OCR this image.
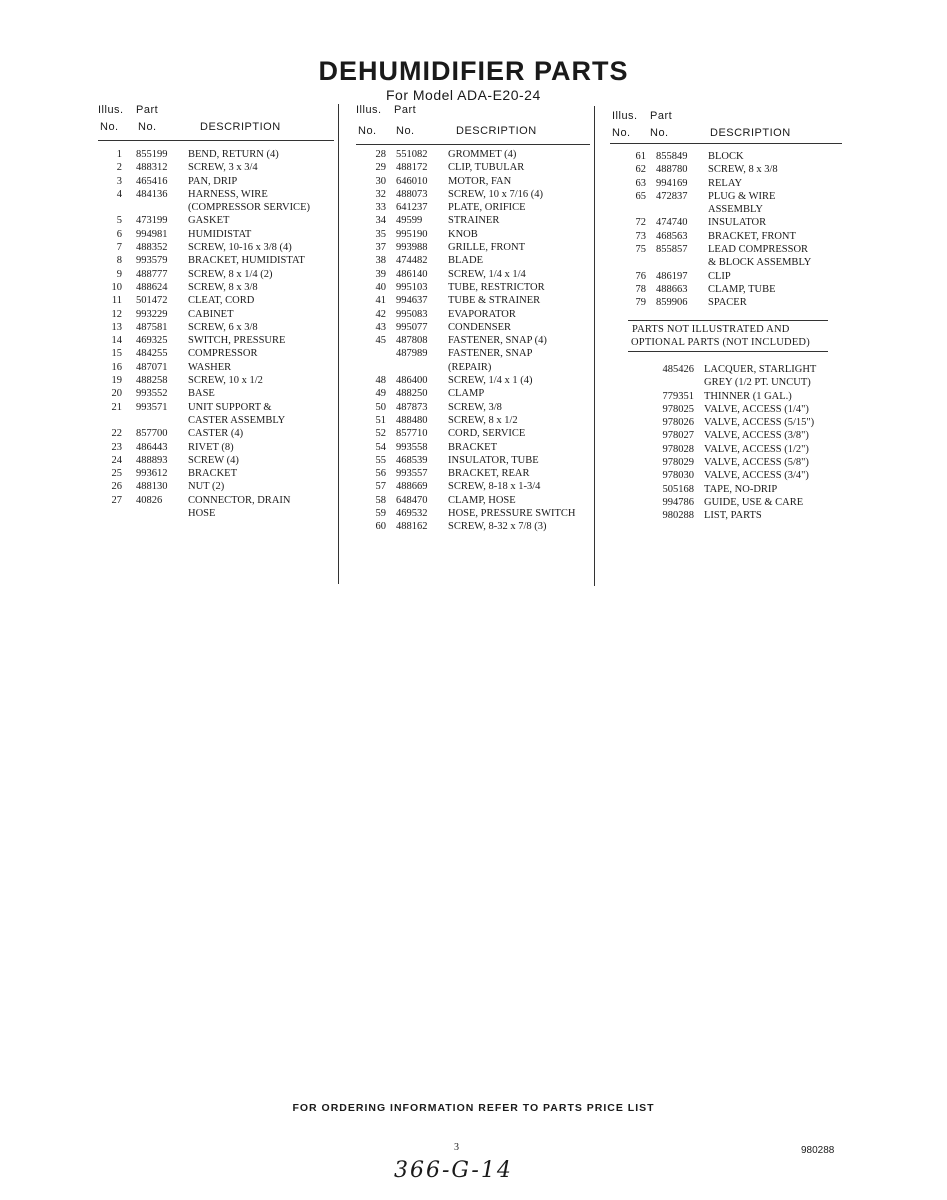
DEHUMIDIFIER PARTS
For Model ADA-E20-24
Illus. Part
No. No.	DESCRIPTION
1 855199 BEND, RETURN (4)
2 488312 SCREW, 3 x 3/4
3 465416 PAN, DRIP
4 484136 HARNESS, WIRE
(COMPRESSOR SERVICE)
5 473199 GASKET
6 994981 HUMIDISTAT
7 488352 SCREW, 10-16 x 3/8 (4)
8 993579 BRACKET, HUMIDISTAT
9 488777 SCREW, 8 x 1/4 (2)
10 488624 SCREW, 8 x 3/8
11 501472 CLEAT, CORD
12 993229 CABINET
13 487581 SCREW, 6 x 3/8
14 469325 SWITCH, PRESSURE
15 484255 COMPRESSOR
16 487071 WASHER
19 488258 SCREW, 10 x 1/2
20 993552 BASE
21 993571 UNIT SUPPORT &
CASTER ASSEMBLY
22 857700 CASTER (4)
23 486443 RIVET (8)
24 488893 SCREW (4)
25 993612 BRACKET
26 488130 NUT (2)
27 40826 CONNECTOR, DRAIN
HOSE
Illus. Part
No. No.	DESCRIPTION
28 551082 GROMMET (4)
29 488172 CLIP, TUBULAR
30 646010 MOTOR, FAN
32 488073 SCREW, 10 x 7/16 (4)
33 641237 PLATE, ORIFICE
34 49599 STRAINER
35 995190 KNOB
37 993988 GRILLE, FRONT
38 474482 BLADE
39 486140 SCREW, 1/4 x 1/4
40 995103 TUBE, RESTRICTOR
41 994637 TUBE & STRAINER
42 995083 EVAPORATOR
43 995077 CONDENSER
45 487808 FASTENER, SNAP (4)
487989 FASTENER, SNAP
(REPAIR)
48 486400 SCREW, 1/4 x 1 (4)
49 488250 CLAMP
50 487873 SCREW, 3/8
51 488480 SCREW, 8 x 1/2
52 857710 CORD, SERVICE
54 993558 BRACKET
55 468539 INSULATOR, TUBE
56 993557 BRACKET, REAR
57 488669 SCREW, 8-18 x 1-3/4
58 648470 CLAMP, HOSE
59 469532 HOSE, PRESSURE SWITCH
60 488162 SCREW, 8-32 x 7/8 (3)
Illus. Part
No. No.	DESCRIPTION
61 855849 BLOCK
62 488780 SCREW, 8 x 3/8
63 994169 RELAY
65 472837 PLUG & WIRE
ASSEMBLY
72 474740 INSULATOR
73 468563 BRACKET, FRONT
75 855857 LEAD COMPRESSOR
& BLOCK ASSEMBLY
76 486197 CLIP
78 488663 CLAMP, TUBE
79 859906 SPACER
PARTS NOT ILLUSTRATED AND
OPTIONAL PARTS (NOT INCLUDED)
485426 LACQUER, STARLIGHT
GREY (1/2 PT. UNCUT)
779351 THINNER (1 GAL.)
978025 VALVE, ACCESS (1/4")
978026 VALVE, ACCESS (5/15")
978027 VALVE, ACCESS (3/8")
978028 VALVE, ACCESS (1/2")
978029 VALVE, ACCESS (5/8")
978030 VALVE, ACCESS (3/4")
505168 TAPE, NO-DRIP
994786 GUIDE, USE & CARE
980288 LIST, PARTS
FOR ORDERING INFORMATION REFER TO PARTS PRICE LIST
3	980288
366-G-14
